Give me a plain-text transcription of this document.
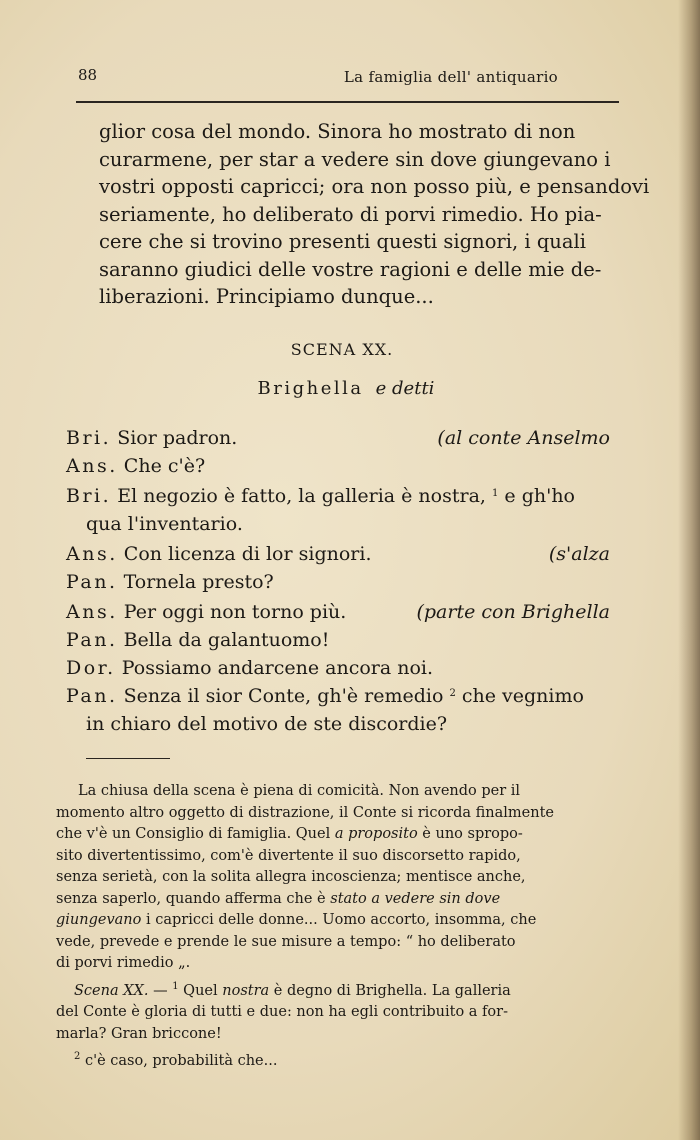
88	La famiglia dell' antiquario
glior cosa del mondo. Sinora ho mostrato di non
curarmene, per star a vedere sin dove giungevano i
vostri opposti capricci; ora non posso più, e pensandovi
seriamente, ho deliberato di porvi rimedio. Ho pia-
cere che si trovino presenti questi signori, i quali
saranno giudici delle vostre ragioni e delle mie de-
liberazioni. Principiamo dunque...
SCENA XX.
Brighella e detti
Bri. Sior padron.	(al conte Anselmo
Ans. Che c'è?
Bri. El negozio è fatto, la galleria è nostra, $^1$ e gh'ho
qua l'inventario.
Ans. Con licenza di lor signori.	(s'alza
Pan. Tornela presto?
Ans. Per oggi non torno più.	(parte con Brighella
Pan. Bella da galantuomo!
Dor. Possiamo andarcene ancora noi.
Pan. Senza il sior Conte, gh'è remedio $^2$ che vegnimo
in chiaro del motivo de ste discordie?
La chiusa della scena è piena di comicità. Non avendo per il
momento altro oggetto di distrazione, il Conte si ricorda finalmente
che v'è un Consiglio di famiglia. Quel a proposito è uno spropo-
sito divertentissimo, com'è divertente il suo discorsetto rapido,
senza serietà, con la solita allegra incoscienza; mentisce anche,
senza saperlo, quando afferma che è stato a vedere sin dove
giungevano i capricci delle donne... Uomo accorto, insomma, che
vede, prevede e prende le sue misure a tempo: “ ho deliberato
di porvi rimedio „.
Scena XX. — $^1$ Quel nostra è degno di Brighella. La galleria
del Conte è gloria di tutti e due: non ha egli contribuito a for-
marla? Gran briccone!
$^2$ c'è caso, probabilità che...
